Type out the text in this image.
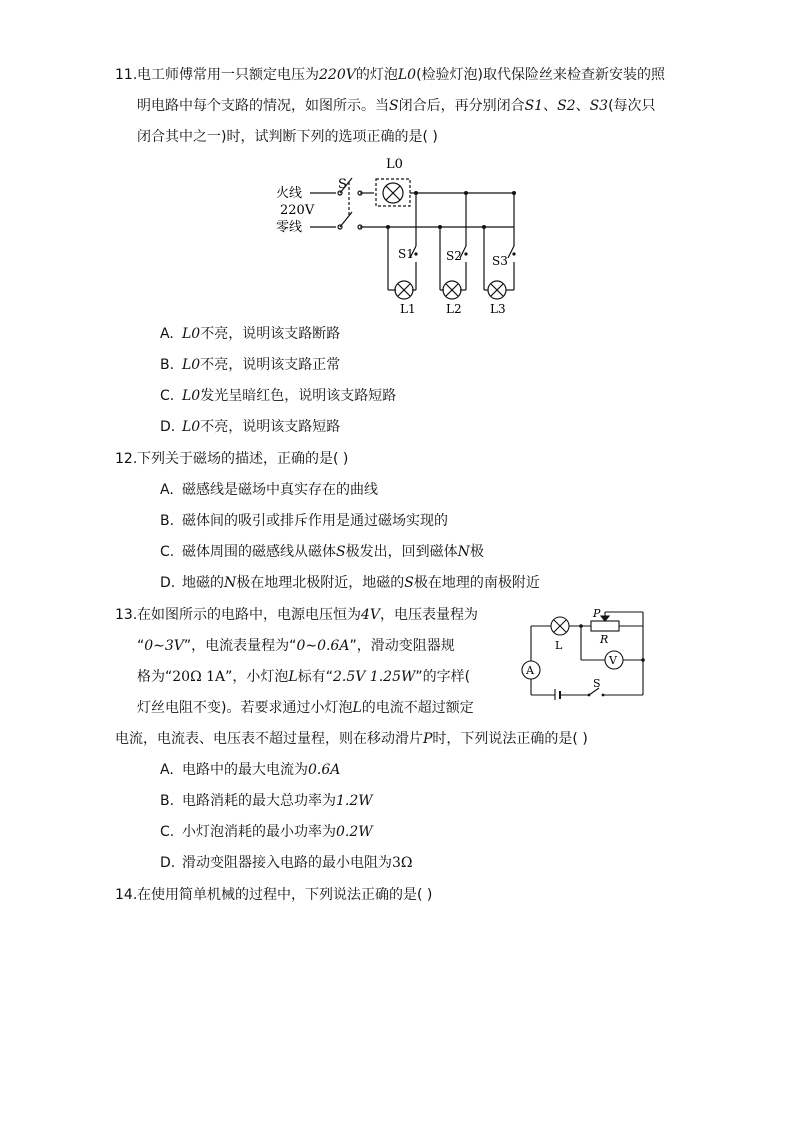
11. 电工师傅常用一只额定电压为220V的灯泡L0(检验灯泡)取代保险丝来检查新安装的照明电路中每个支路的情况，如图所示。当S闭合后，再分别闭合S1、S2、S3(每次只闭合其中之一)时，试判断下列的选项正确的是( )
火线
220V
零线
S
L0
S1	S2	S3
L1	L2 L3
A. L0不亮，说明该支路断路
B. L0不亮，说明该支路正常
C. L0发光呈暗红色，说明该支路短路
D. L0不亮，说明该支路短路
12. 下列关于磁场的描述，正确的是( )
A. 磁感线是磁场中真实存在的曲线
B. 磁体间的吸引或排斥作用是通过磁场实现的
C. 磁体周围的磁感线从磁体S极发出，回到磁体N极
D. 地磁的N极在地理北极附近，地磁的S极在地理的南极附近
13. 在如图所示的电路中，电源电压恒为4V，电压表量程为
“0∼3V”，电流表量程为“0∼0.6A”，滑动变阻器规
格为“20Ω 1A”，小灯泡L标有“2.5V 1.25W”的字样(
灯丝电阻不变)。若要求通过小灯泡L的电流不超过额定
电流，电流表、电压表不超过量程，则在移动滑片P时，下列说法正确的是( )
P
R
L
V
A
S
A. 电路中的最大电流为0.6A
B. 电路消耗的最大总功率为1.2W
C. 小灯泡消耗的最小功率为0.2W
D. 滑动变阻器接入电路的最小电阻为3Ω
14. 在使用简单机械的过程中，下列说法正确的是( )
